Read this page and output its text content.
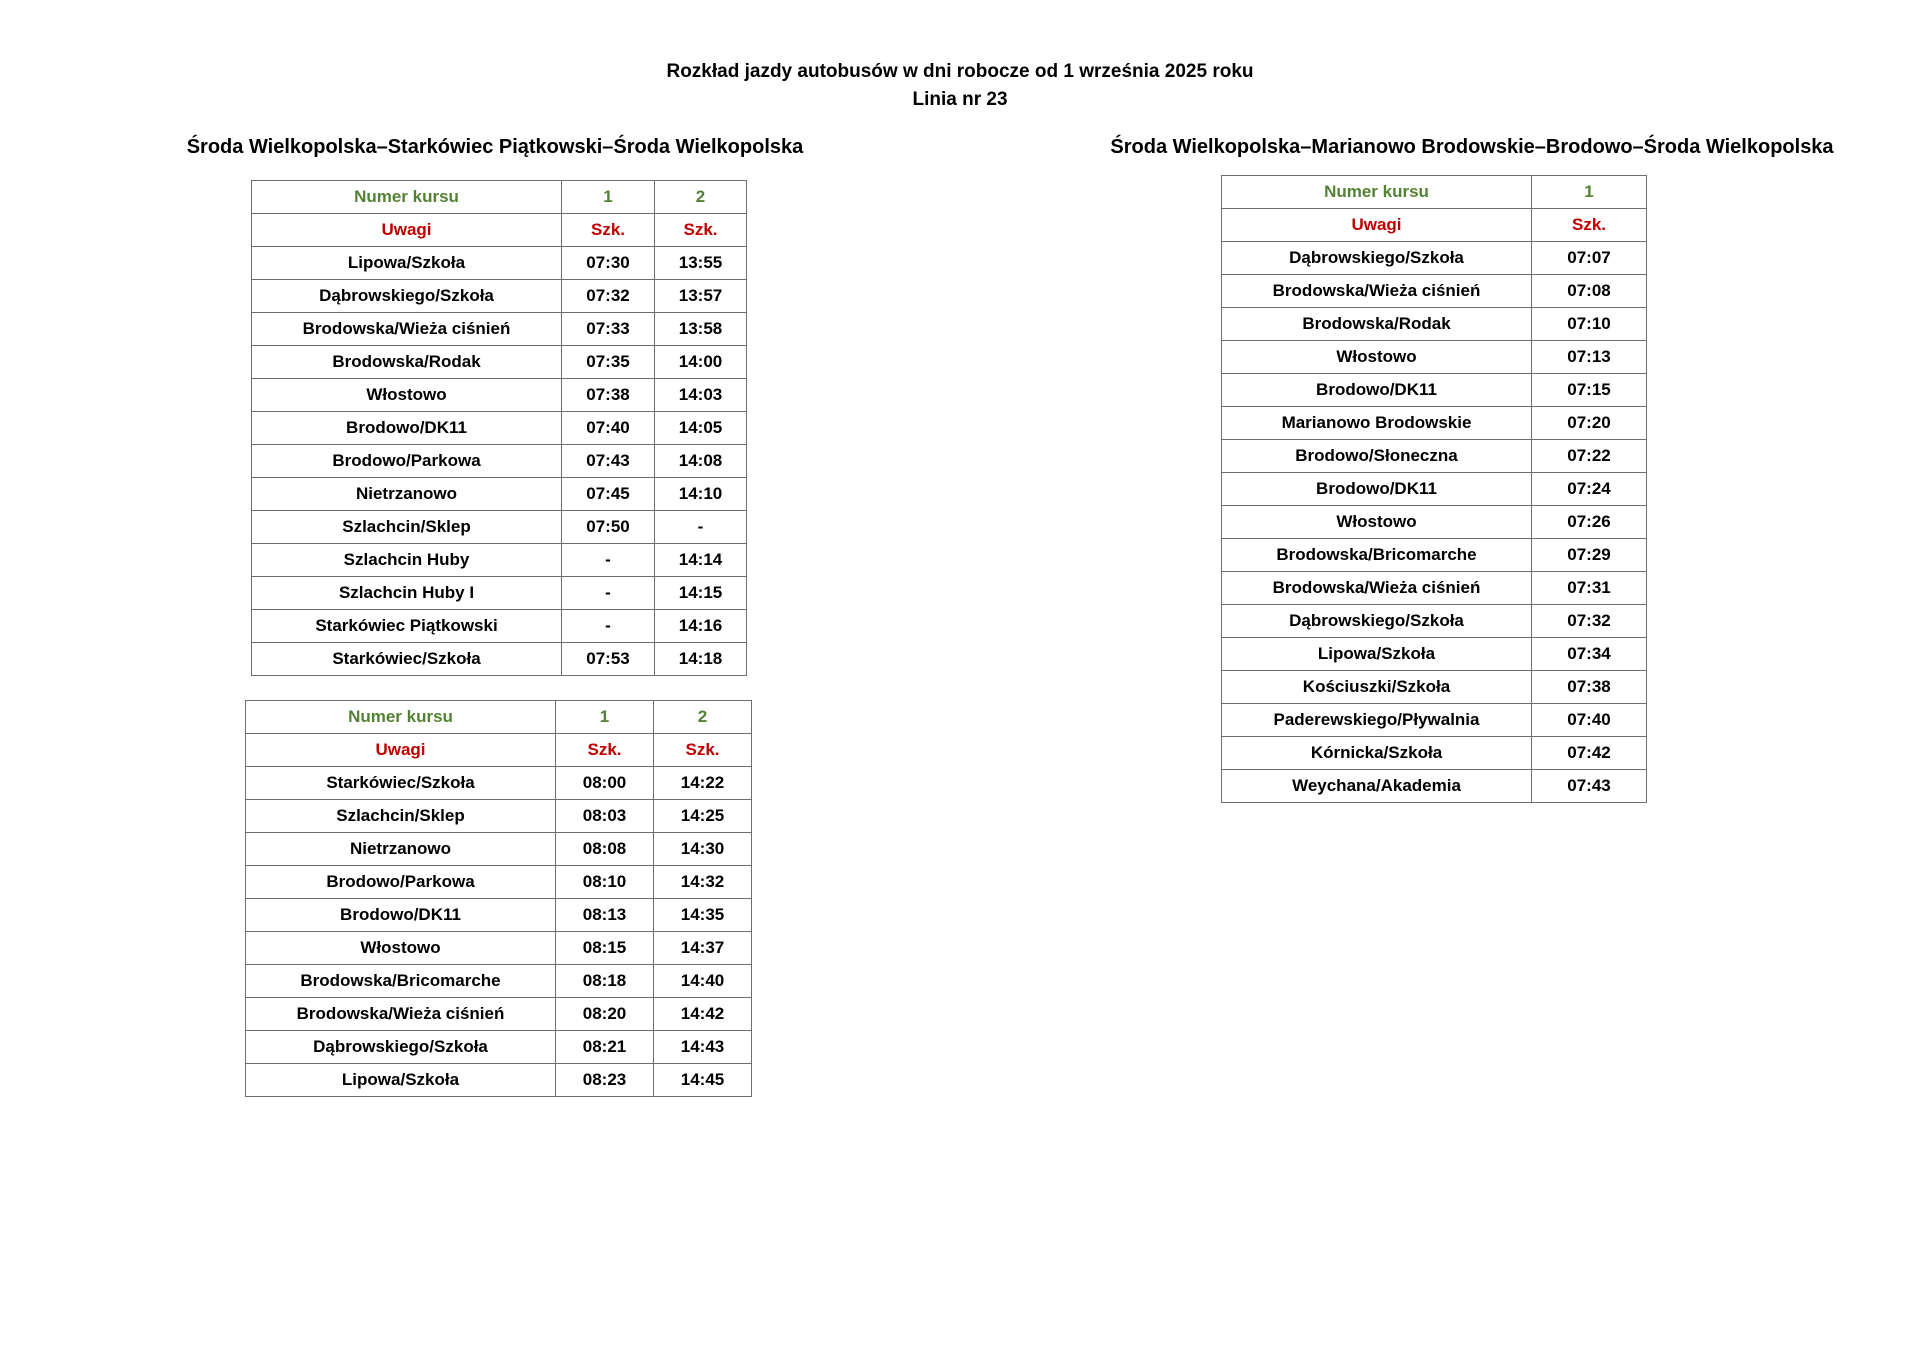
Rozkład jazdy autobusów w dni robocze od 1 września 2025 roku
Linia nr 23
Środa Wielkopolska–Starkówiec Piątkowski–Środa Wielkopolska	Środa Wielkopolska–Marianowo Brodowskie–Brodowo–Środa Wielkopolska
Numer kursu	1	2
Uwagi	Szk.	Szk.
Lipowa/Szkoła	07:30	13:55
Dąbrowskiego/Szkoła	07:32	13:57
Brodowska/Wieża ciśnień	07:33	13:58
Brodowska/Rodak	07:35	14:00
Włostowo	07:38	14:03
Brodowo/DK11	07:40	14:05
Brodowo/Parkowa	07:43	14:08
Nietrzanowo	07:45	14:10
Szlachcin/Sklep	07:50	-
Szlachcin Huby	-	14:14
Szlachcin Huby I	-	14:15
Starkówiec Piątkowski	-	14:16
Starkówiec/Szkoła	07:53	14:18
Numer kursu	1	2
Uwagi	Szk.	Szk.
Starkówiec/Szkoła	08:00	14:22
Szlachcin/Sklep	08:03	14:25
Nietrzanowo	08:08	14:30
Brodowo/Parkowa	08:10	14:32
Brodowo/DK11	08:13	14:35
Włostowo	08:15	14:37
Brodowska/Bricomarche	08:18	14:40
Brodowska/Wieża ciśnień	08:20	14:42
Dąbrowskiego/Szkoła	08:21	14:43
Lipowa/Szkoła	08:23	14:45
Numer kursu	1
Uwagi	Szk.
Dąbrowskiego/Szkoła	07:07
Brodowska/Wieża ciśnień	07:08
Brodowska/Rodak	07:10
Włostowo	07:13
Brodowo/DK11	07:15
Marianowo Brodowskie	07:20
Brodowo/Słoneczna	07:22
Brodowo/DK11	07:24
Włostowo	07:26
Brodowska/Bricomarche	07:29
Brodowska/Wieża ciśnień	07:31
Dąbrowskiego/Szkoła	07:32
Lipowa/Szkoła	07:34
Kościuszki/Szkoła	07:38
Paderewskiego/Pływalnia	07:40
Kórnicka/Szkoła	07:42
Weychana/Akademia	07:43
